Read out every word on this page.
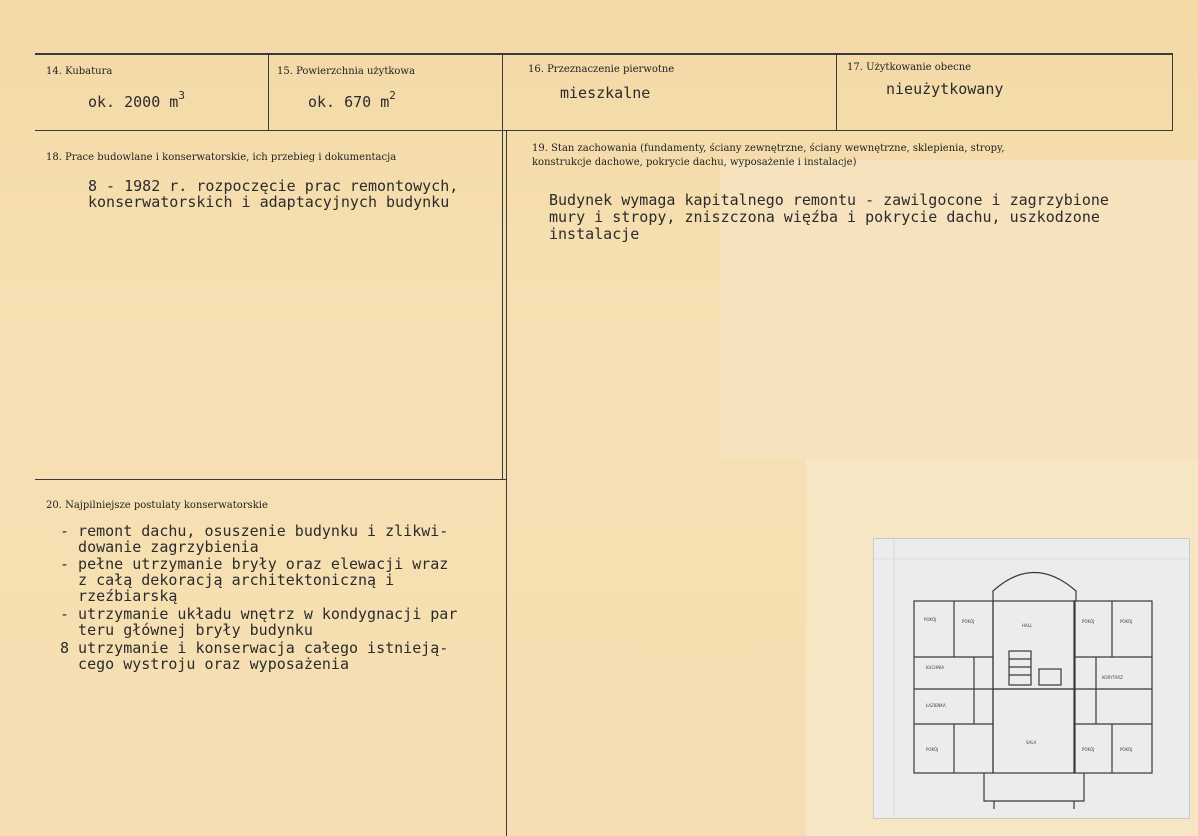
14. Kubatura
ok. 2000 $m^3$
15. Powierzchnia użytkowa
ok. 670 $m^2$
16. Przeznaczenie pierwotne
mieszkalne
17. Użytkowanie obecne
nieużytkowany
18. Prace budowlane i konserwatorskie, ich przebieg i dokumentacja
8 - 1982 r. rozpoczęcie prac remontowych,
konserwatorskich i adaptacyjnych budynku
19. Stan zachowania (fundamenty, ściany zewnętrzne, ściany wewnętrzne, sklepienia, stropy,
konstrukcje dachowe, pokrycie dachu, wyposażenie i instalacje)
Budynek wymaga kapitalnego remontu - zawilgocone i zagrzybione
mury i stropy, zniszczona więźba i pokrycie dachu, uszkodzone
instalacje
20. Najpilniejsze postulaty konserwatorskie
- remont dachu, osuszenie budynku i zlikwi-
dowanie zagrzybienia
- pełne utrzymanie bryły oraz elewacji wraz
z całą dekoracją architektoniczną i
rzeźbiarską
- utrzymanie układu wnętrz w kondygnacji par
teru głównej bryły budynku
8 utrzymanie i konserwacja całego istnieją-
cego wystroju oraz wyposażenia
POKÓJ	POKÓJ
HALL
POKÓJ	POKÓJ
KUCHNIA
ŁAZIENKA
KORYTARZ
SALA
POKÓJ	POKÓJ	POKÓJ
